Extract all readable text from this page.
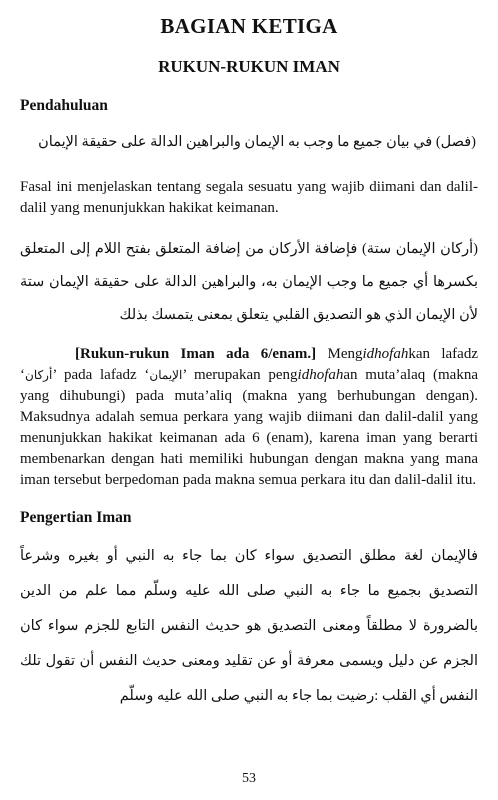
BAGIAN KETIGA
RUKUN-RUKUN IMAN
Pendahuluan

(فصل) في بيان جميع ما وجب به الإيمان والبراهين الدالة على حقيقة الإيمان

Fasal ini menjelaskan tentang segala sesuatu yang wajib diimani dan dalil-dalil yang menunjukkan hakikat keimanan.

(أركان الإيمان ستة) فإضافة الأركان من إضافة المتعلق بفتح اللام إلى المتعلق بكسرها أي جميع ما وجب الإيمان به، والبراهين الدالة على حقيقة الإيمان ستة لأن الإيمان الذي هو التصديق القلبي يتعلق بمعنى يتمسك بذلك

[Rukun-rukun Iman ada 6/enam.] Mengidhofahkan lafadz ‘أركان’ pada lafadz ‘الإيمان’ merupakan pengidhofahan muta’alaq (makna yang dihubungi) pada muta’aliq (makna yang berhubungan dengan). Maksudnya adalah semua perkara yang wajib diimani dan dalil-dalil yang menunjukkan hakikat keimanan ada 6 (enam), karena iman yang berarti membenarkan dengan hati memiliki hubungan dengan makna yang mana iman tersebut berpedoman pada makna semua perkara itu dan dalil-dalil itu.

Pengertian Iman

فالإيمان لغة مطلق التصديق سواء كان بما جاء به النبي أو بغيره وشرعاً التصديق بجميع ما جاء به النبي صلى الله عليه وسلّم مما علم من الدين بالضرورة لا مطلقاً ومعنى التصديق هو حديث النفس التابع للجزم سواء كان الجزم عن دليل ويسمى معرفة أو عن تقليد ومعنى حديث النفس أن تقول تلك النفس أي القلب :رضيت بما جاء به النبي صلى الله عليه وسلّم

53
